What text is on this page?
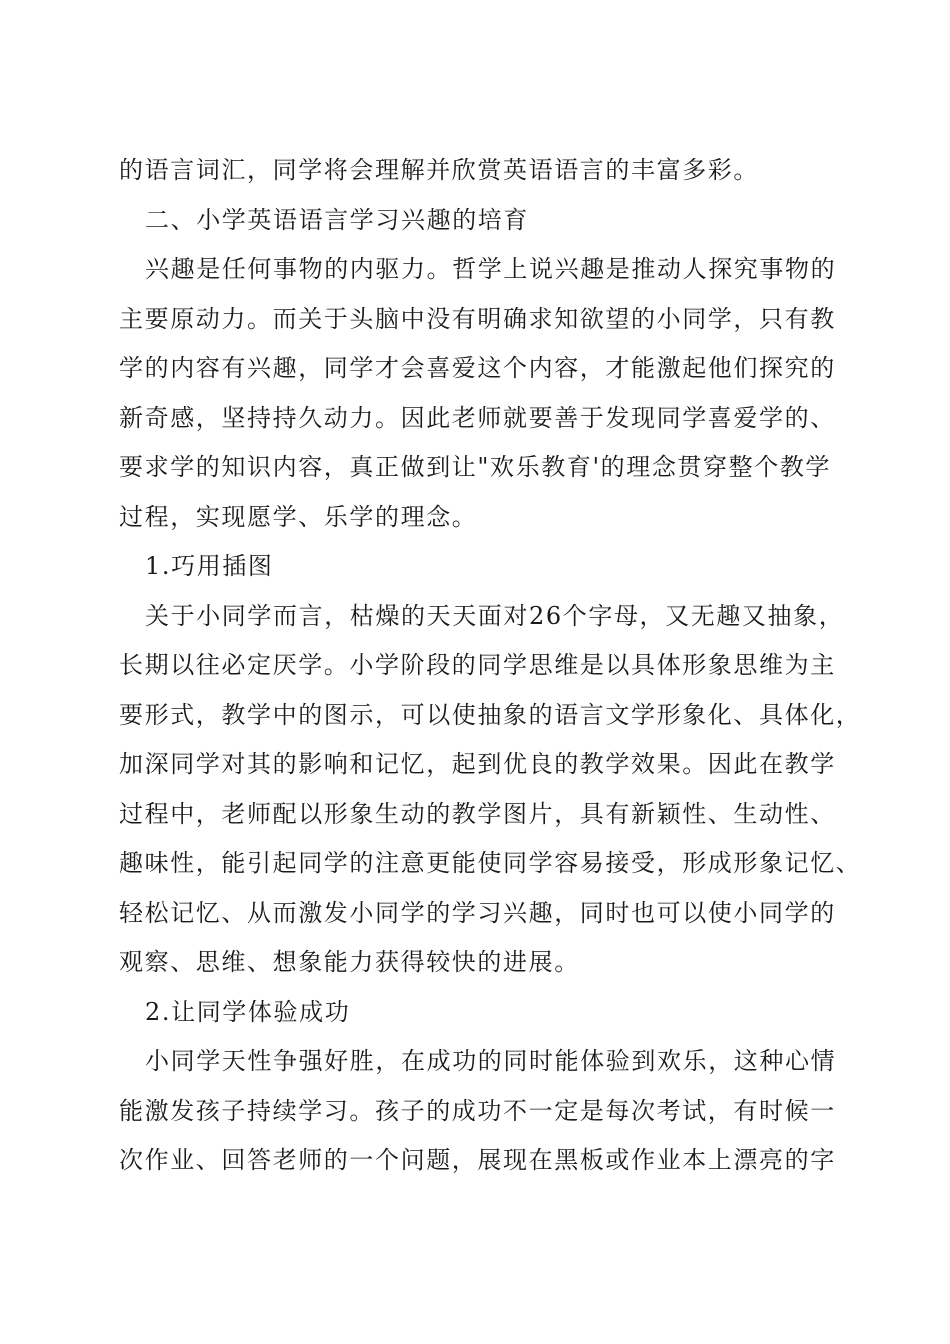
的语言词汇，同学将会理解并欣赏英语语言的丰富多彩。
二、小学英语语言学习兴趣的培育
兴趣是任何事物的内驱力。哲学上说兴趣是推动人探究事物的
主要原动力。而关于头脑中没有明确求知欲望的小同学，只有教
学的内容有兴趣，同学才会喜爱这个内容，才能激起他们探究的
新奇感，坚持持久动力。因此老师就要善于发现同学喜爱学的、
要求学的知识内容，真正做到让"欢乐教育'的理念贯穿整个教学
过程，实现愿学、乐学的理念。
1.巧用插图
关于小同学而言，枯燥的天天面对26个字母，又无趣又抽象，
长期以往必定厌学。小学阶段的同学思维是以具体形象思维为主
要形式，教学中的图示，可以使抽象的语言文学形象化、具体化，
加深同学对其的影响和记忆，起到优良的教学效果。因此在教学
过程中，老师配以形象生动的教学图片，具有新颖性、生动性、
趣味性，能引起同学的注意更能使同学容易接受，形成形象记忆、
轻松记忆、从而激发小同学的学习兴趣，同时也可以使小同学的
观察、思维、想象能力获得较快的进展。
2.让同学体验成功
小同学天性争强好胜，在成功的同时能体验到欢乐，这种心情
能激发孩子持续学习。孩子的成功不一定是每次考试，有时候一
次作业、回答老师的一个问题，展现在黑板或作业本上漂亮的字
